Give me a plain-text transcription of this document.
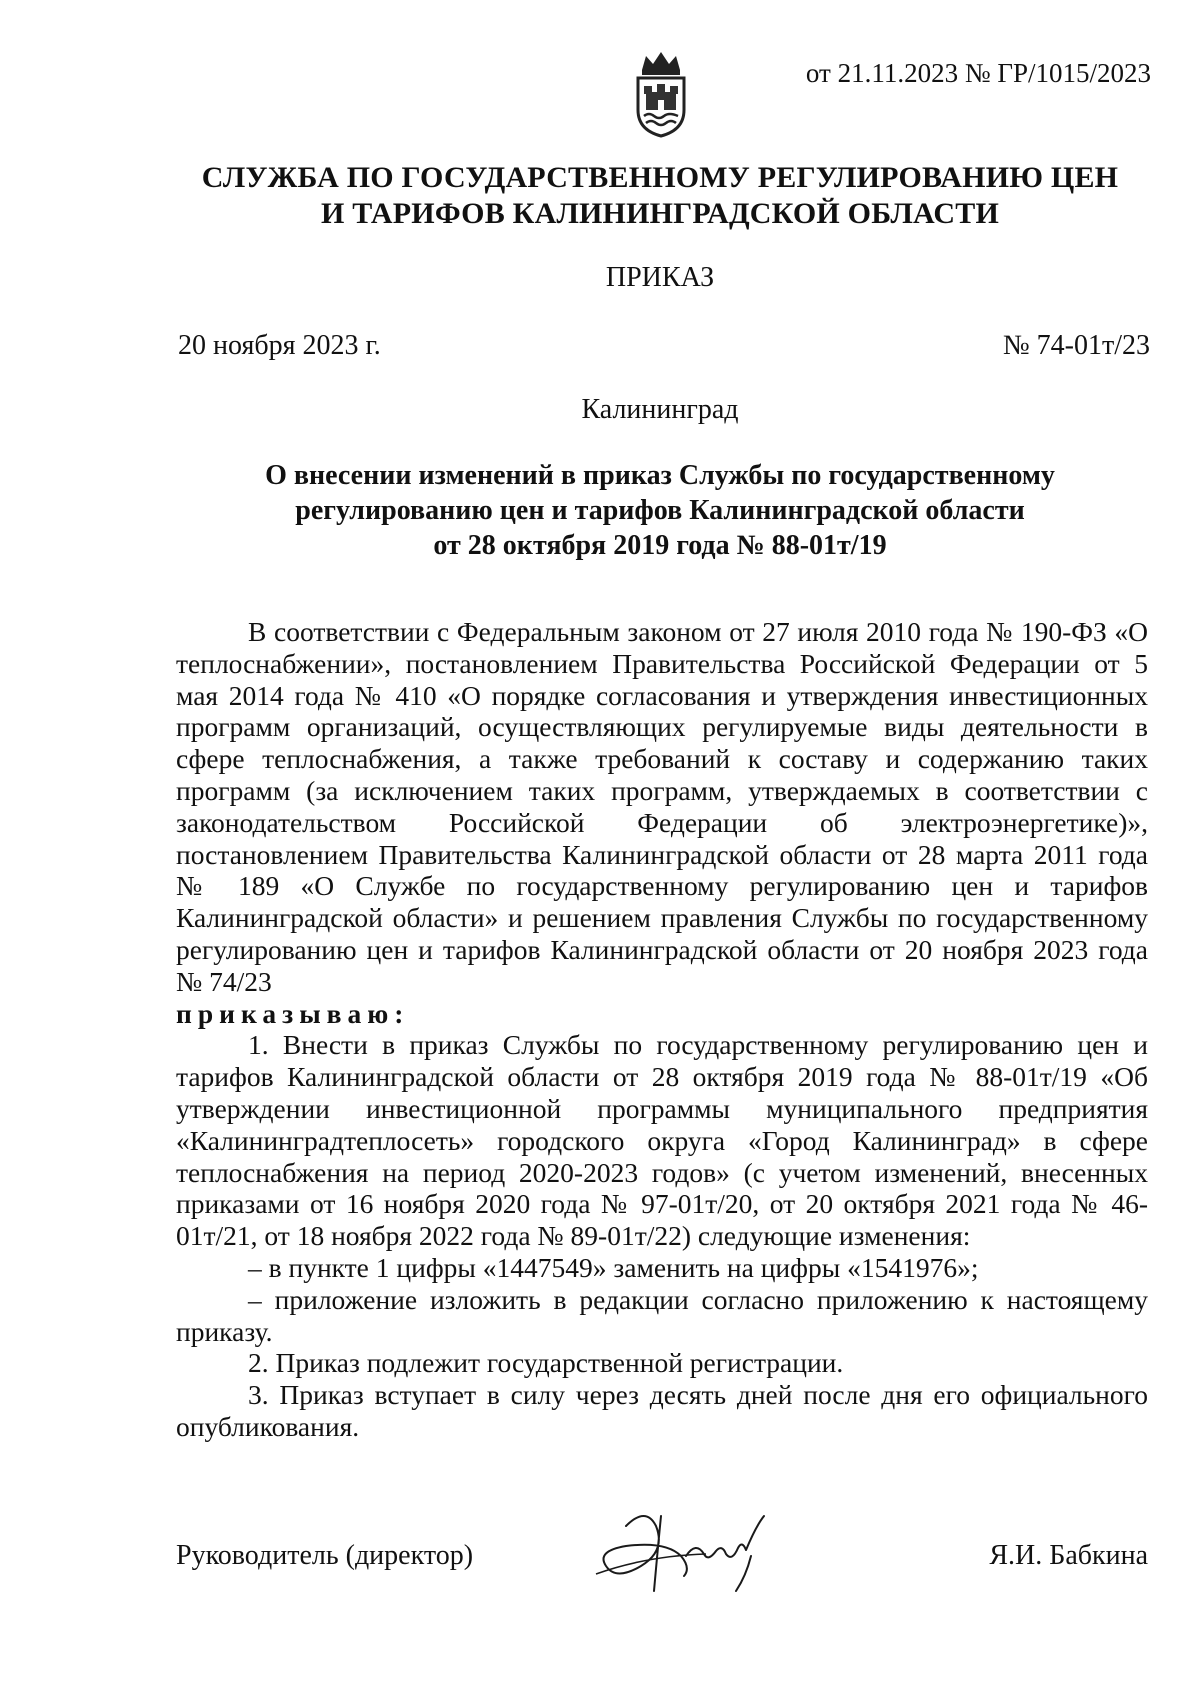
от 21.11.2023 № ГР/1015/2023
СЛУЖБА ПО ГОСУДАРСТВЕННОМУ РЕГУЛИРОВАНИЮ ЦЕН
И ТАРИФОВ КАЛИНИНГРАДСКОЙ ОБЛАСТИ
ПРИКАЗ
20 ноября 2023 г.	№ 74-01т/23
Калининград
О внесении изменений в приказ Службы по государственному
регулированию цен и тарифов Калининградской области
от 28 октября 2019 года № 88-01т/19

В соответствии с Федеральным законом от 27 июля 2010 года № 190-ФЗ «О теплоснабжении», постановлением Правительства Российской Федерации от 5 мая 2014 года № 410 «О порядке согласования и утверждения инвестиционных программ организаций, осуществляющих регулируемые виды деятельности в сфере теплоснабжения, а также требований к составу и содержанию таких программ (за исключением таких программ, утверждаемых в соответствии с законодательством Российской Федерации об электроэнергетике)», постановлением Правительства Калининградской области от 28 марта 2011 года № 189 «О Службе по государственному регулированию цен и тарифов Калининградской области» и решением правления Службы по государственному регулированию цен и тарифов Калининградской области от 20 ноября 2023 года № 74/23

приказываю:

1. Внести в приказ Службы по государственному регулированию цен и тарифов Калининградской области от 28 октября 2019 года № 88-01т/19 «Об утверждении инвестиционной программы муниципального предприятия «Калининградтеплосеть» городского округа «Город Калининград» в сфере теплоснабжения на период 2020-2023 годов» (с учетом изменений, внесенных приказами от 16 ноября 2020 года № 97-01т/20, от 20 октября 2021 года № 46-01т/21, от 18 ноября 2022 года № 89-01т/22) следующие изменения:

– в пункте 1 цифры «1447549» заменить на цифры «1541976»;

– приложение изложить в редакции согласно приложению к настоящему приказу.

2. Приказ подлежит государственной регистрации.

3. Приказ вступает в силу через десять дней после дня его официального опубликования.

Руководитель (директор)	Я.И. Бабкина
